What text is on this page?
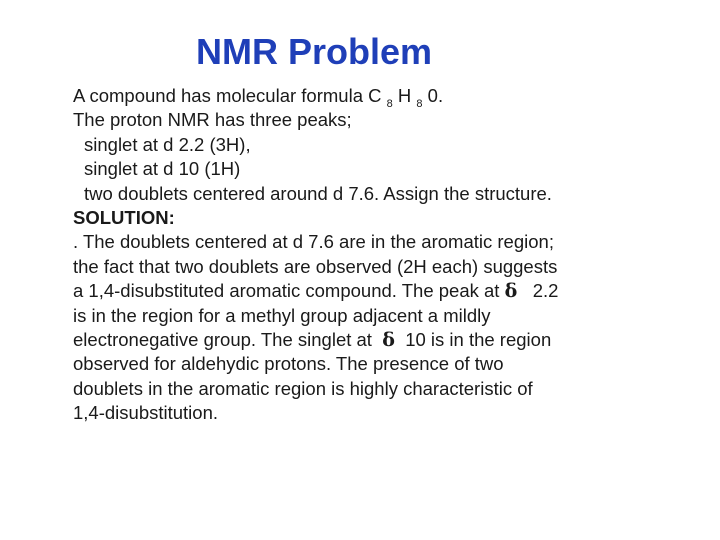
NMR Problem
A compound has molecular formula C $_8$ H $_8$ 0.
The proton NMR has three peaks;
singlet at d 2.2 (3H),
singlet at d 10 (1H)
two doublets centered around d 7.6. Assign the structure.
SOLUTION:
. The doublets centered at d 7.6 are in the aromatic region;
the fact that two doublets are observed (2H each) suggests
a 1,4-disubstituted aromatic compound. The peak at δ 2.2
is in the region for a methyl group adjacent a mildly
electronegative group. The singlet at δ 10 is in the region
observed for aldehydic protons. The presence of two
doublets in the aromatic region is highly characteristic of
1,4-disubstitution.
